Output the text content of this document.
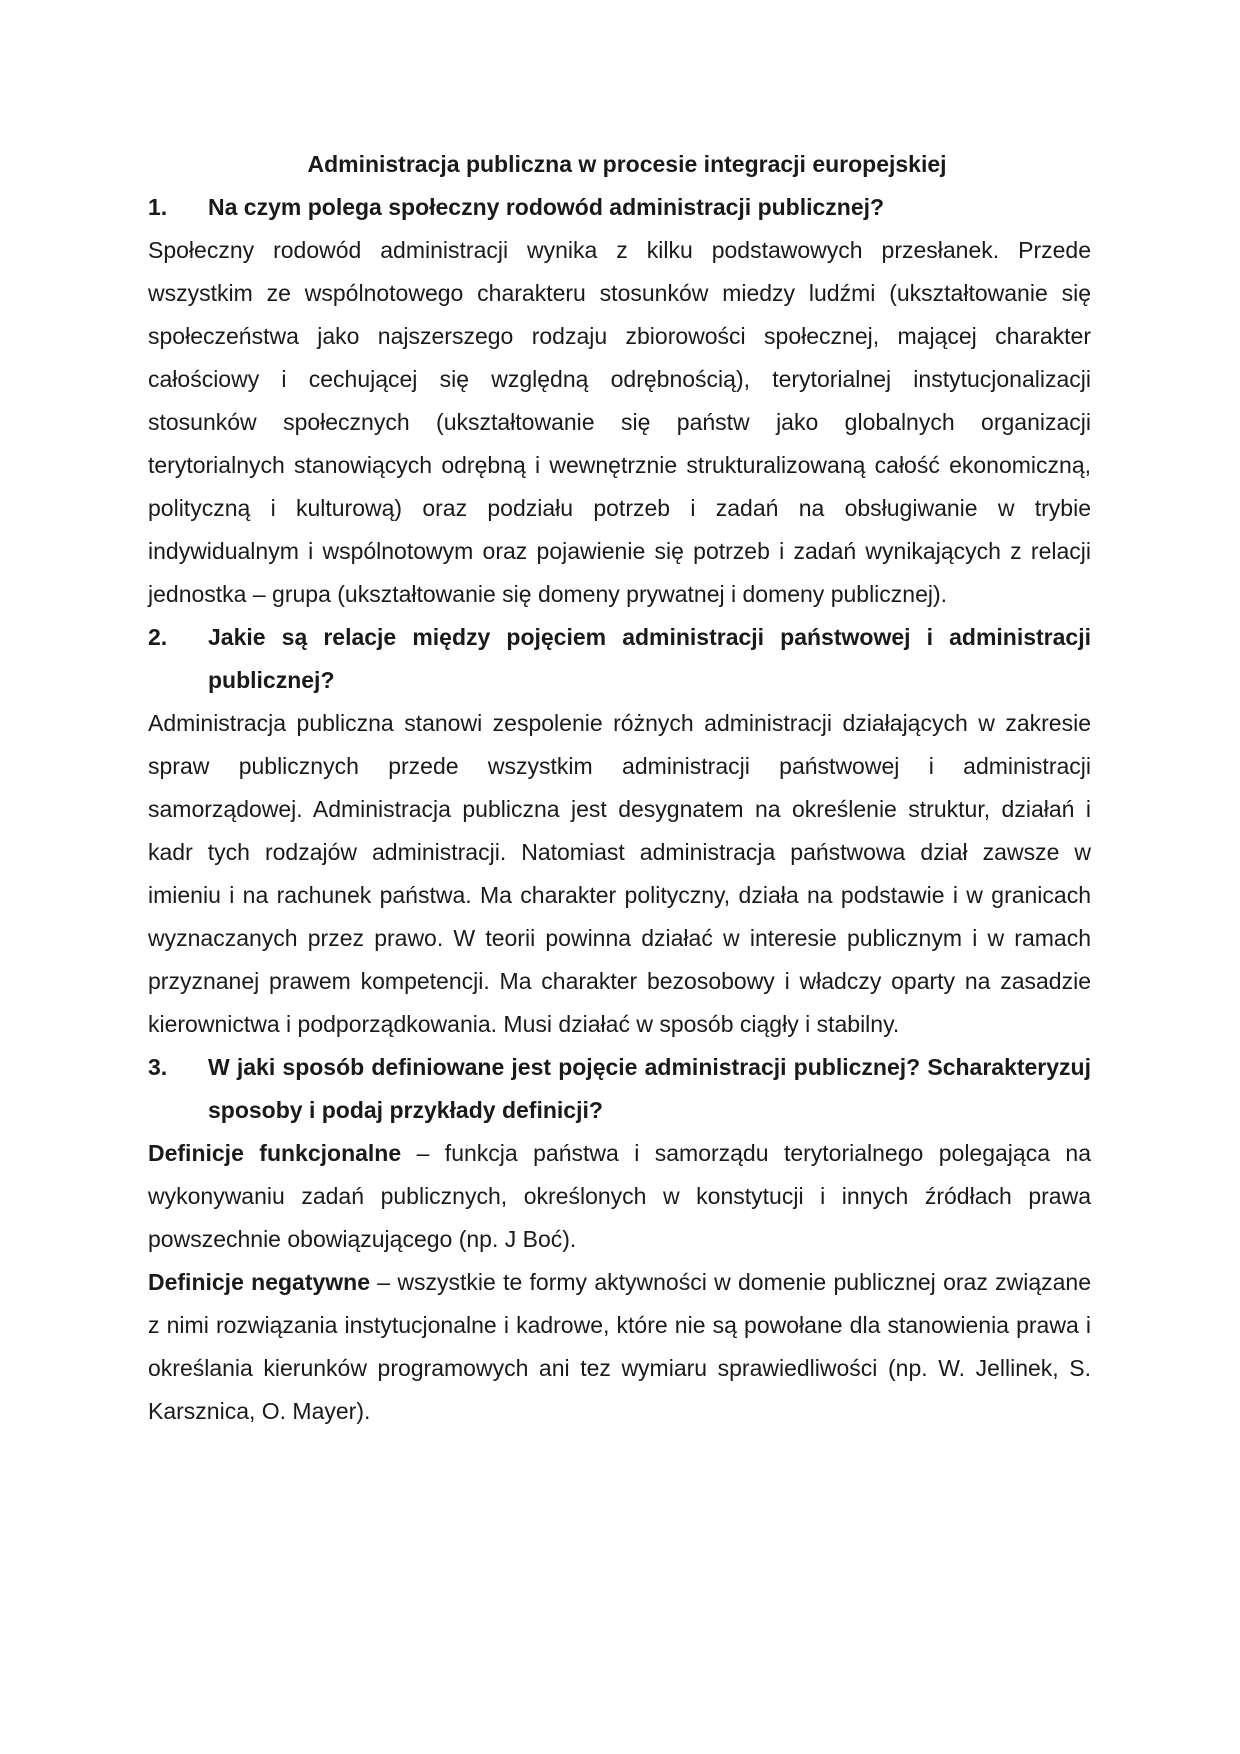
Administracja publiczna w procesie integracji europejskiej

1.	Na czym polega społeczny rodowód administracji publicznej?

Społeczny rodowód administracji wynika z kilku podstawowych przesłanek. Przede wszystkim ze wspólnotowego charakteru stosunków miedzy ludźmi (ukształtowanie się społeczeństwa jako najszerszego rodzaju zbiorowości społecznej, mającej charakter całościowy i cechującej się względną odrębnością), terytorialnej instytucjonalizacji stosunków społecznych (ukształtowanie się państw jako globalnych organizacji terytorialnych stanowiących odrębną i wewnętrznie strukturalizowaną całość ekonomiczną, polityczną i kulturową) oraz podziału potrzeb i zadań na obsługiwanie w trybie indywidualnym i wspólnotowym oraz pojawienie się potrzeb i zadań wynikających z relacji jednostka – grupa (ukształtowanie się domeny prywatnej i domeny publicznej).

2.	Jakie są relacje między pojęciem administracji państwowej i administracji publicznej?

Administracja publiczna stanowi zespolenie różnych administracji działających w zakresie spraw publicznych przede wszystkim administracji państwowej i administracji samorządowej. Administracja publiczna jest desygnatem na określenie struktur, działań i kadr tych rodzajów administracji. Natomiast administracja państwowa dział zawsze w imieniu i na rachunek państwa. Ma charakter polityczny, działa na podstawie i w granicach wyznaczanych przez prawo. W teorii powinna działać w interesie publicznym i w ramach przyznanej prawem kompetencji. Ma charakter bezosobowy i władczy oparty na zasadzie kierownictwa i podporządkowania. Musi działać w sposób ciągły i stabilny.

3.	W jaki sposób definiowane jest pojęcie administracji publicznej? Scharakteryzuj sposoby i podaj przykłady definicji?

Definicje funkcjonalne – funkcja państwa i samorządu terytorialnego polegająca na wykonywaniu zadań publicznych, określonych w konstytucji i innych źródłach prawa powszechnie obowiązującego (np. J Boć).

Definicje negatywne – wszystkie te formy aktywności w domenie publicznej oraz związane z nimi rozwiązania instytucjonalne i kadrowe, które nie są powołane dla stanowienia prawa i określania kierunków programowych ani tez wymiaru sprawiedliwości (np. W. Jellinek, S. Karsznica, O. Mayer).
